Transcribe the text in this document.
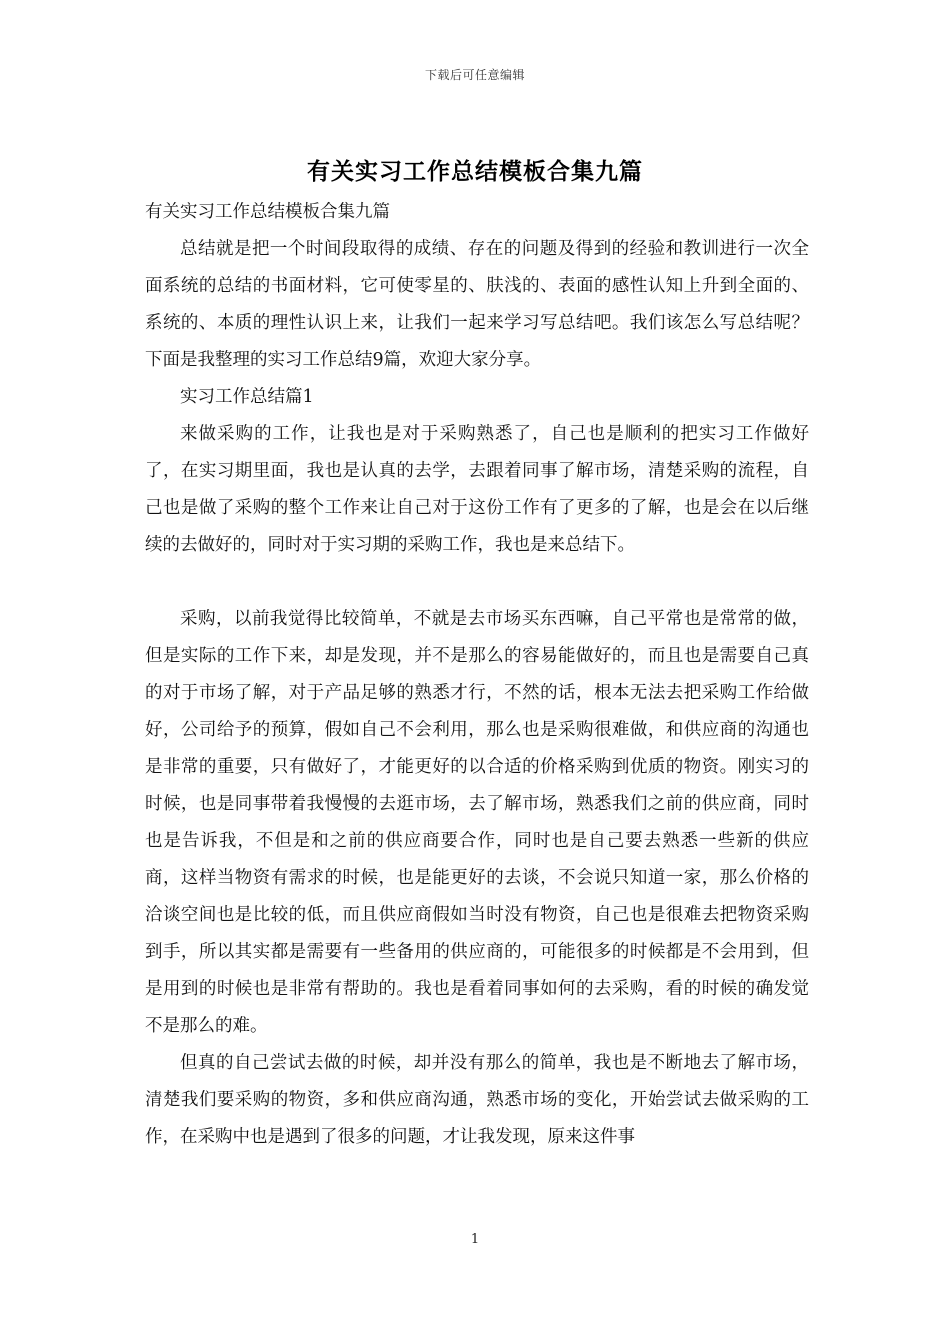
下载后可任意编辑
有关实习工作总结模板合集九篇

有关实习工作总结模板合集九篇

总结就是把一个时间段取得的成绩、存在的问题及得到的经验和教训进行一次全面系统的总结的书面材料，它可使零星的、肤浅的、表面的感性认知上升到全面的、系统的、本质的理性认识上来，让我们一起来学习写总结吧。我们该怎么写总结呢？下面是我整理的实习工作总结9篇，欢迎大家分享。

实习工作总结篇1

来做采购的工作，让我也是对于采购熟悉了，自己也是顺利的把实习工作做好了，在实习期里面，我也是认真的去学，去跟着同事了解市场，清楚采购的流程，自己也是做了采购的整个工作来让自己对于这份工作有了更多的了解，也是会在以后继续的去做好的，同时对于实习期的采购工作，我也是来总结下。

采购，以前我觉得比较简单，不就是去市场买东西嘛，自己平常也是常常的做，但是实际的工作下来，却是发现，并不是那么的容易能做好的，而且也是需要自己真的对于市场了解，对于产品足够的熟悉才行，不然的话，根本无法去把采购工作给做好，公司给予的预算，假如自己不会利用，那么也是采购很难做，和供应商的沟通也是非常的重要，只有做好了，才能更好的以合适的价格采购到优质的物资。刚实习的时候，也是同事带着我慢慢的去逛市场，去了解市场，熟悉我们之前的供应商，同时也是告诉我，不但是和之前的供应商要合作，同时也是自己要去熟悉一些新的供应商，这样当物资有需求的时候，也是能更好的去谈，不会说只知道一家，那么价格的洽谈空间也是比较的低，而且供应商假如当时没有物资，自己也是很难去把物资采购到手，所以其实都是需要有一些备用的供应商的，可能很多的时候都是不会用到，但是用到的时候也是非常有帮助的。我也是看着同事如何的去采购，看的时候的确发觉不是那么的难。

但真的自己尝试去做的时候，却并没有那么的简单，我也是不断地去了解市场，清楚我们要采购的物资，多和供应商沟通，熟悉市场的变化，开始尝试去做采购的工作，在采购中也是遇到了很多的问题，才让我发现，原来这件事

1
